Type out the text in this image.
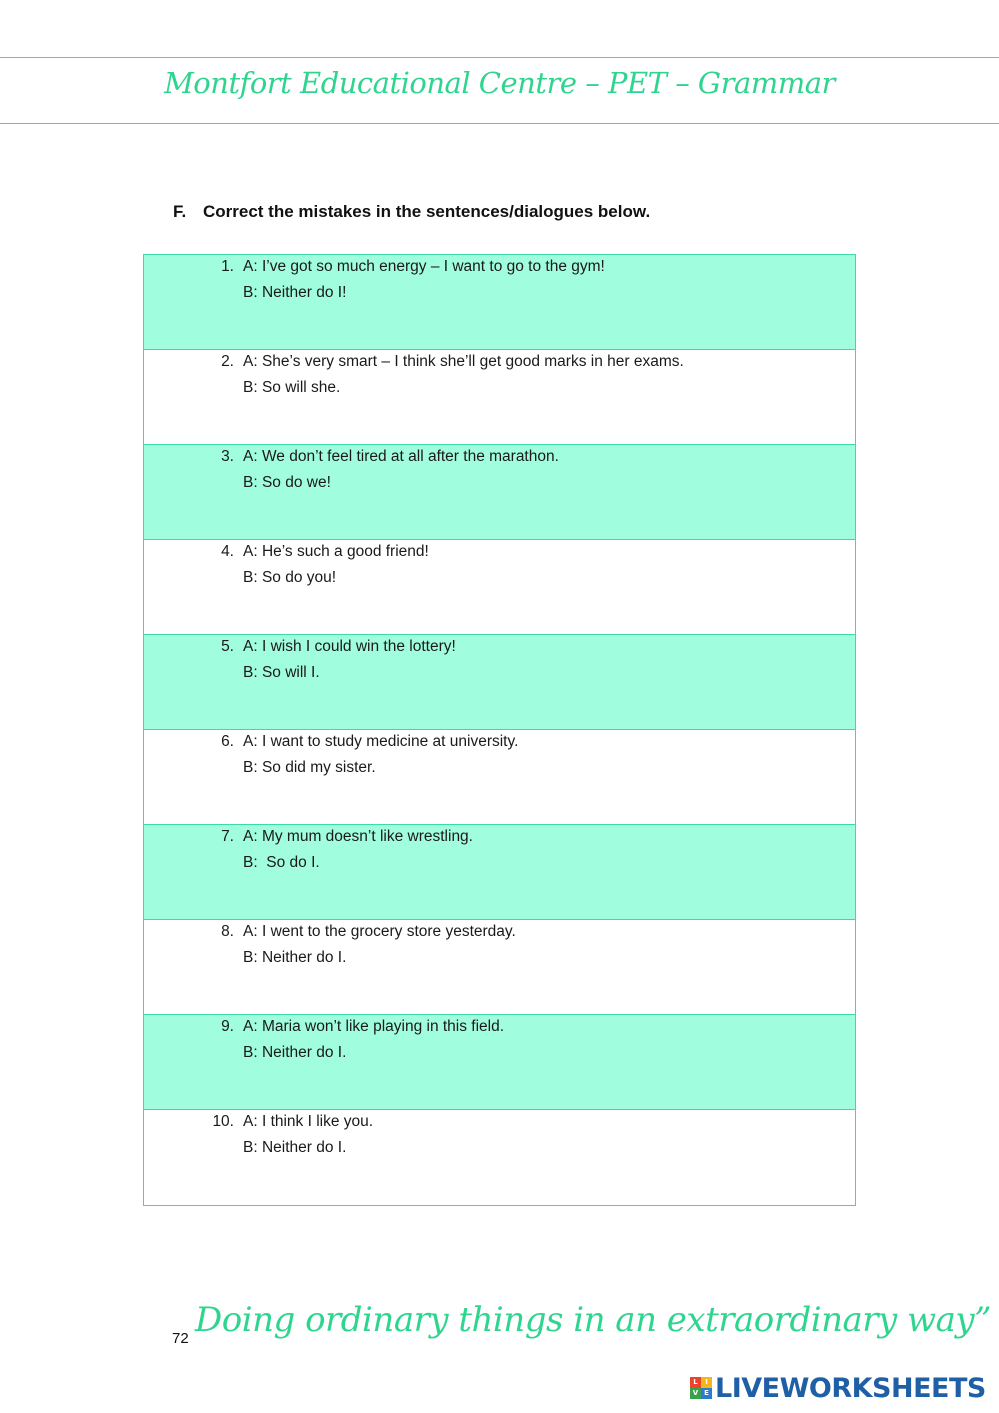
Montfort Educational Centre – PET – Grammar
F. Correct the mistakes in the sentences/dialogues below.
1. A: I’ve got so much energy – I want to go to the gym!
B: Neither do I!
2. A: She’s very smart – I think she’ll get good marks in her exams.
B: So will she.
3. A: We don’t feel tired at all after the marathon.
B: So do we!
4. A: He’s such a good friend!
B: So do you!
5. A: I wish I could win the lottery!
B: So will I.
6. A: I want to study medicine at university.
B: So did my sister.
7. A: My mum doesn’t like wrestling.
B:  So do I.
8. A: I went to the grocery store yesterday.
B: Neither do I.
9. A: Maria won’t like playing in this field.
B: Neither do I.
10. A: I think I like you.
B: Neither do I.
72 Doing ordinary things in an extraordinary way”
L	I
V E LIVEWORKSHEETS
